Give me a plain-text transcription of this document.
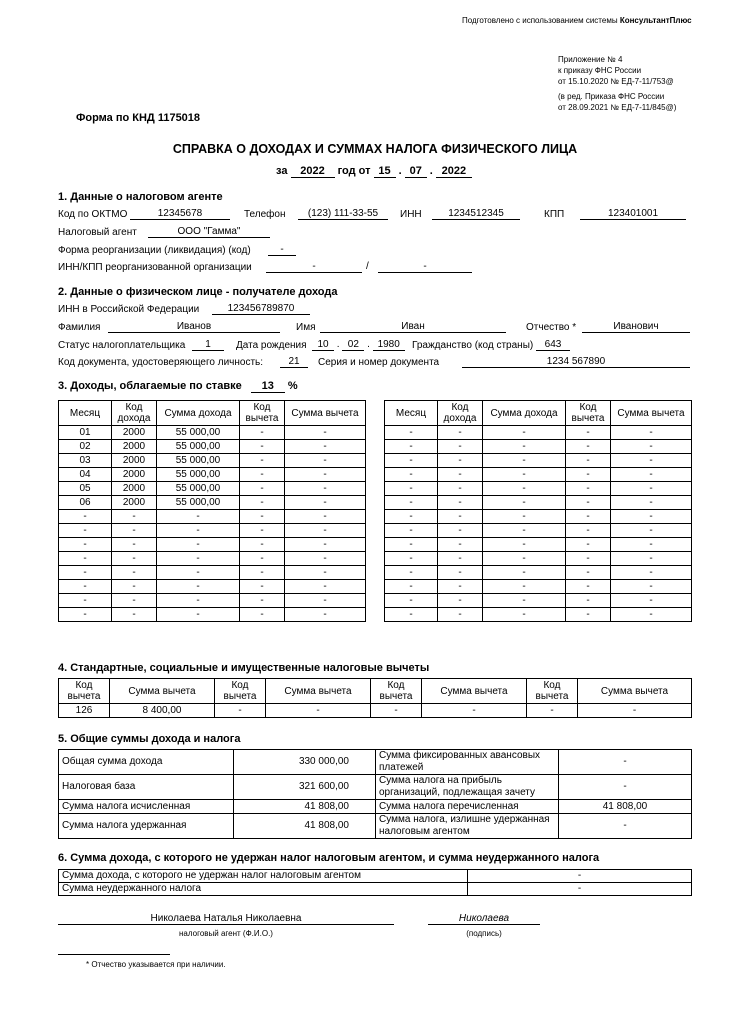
Подготовлено с использованием системы КонсультантПлюс
Приложение № 4
к приказу ФНС России
от 15.10.2020 № ЕД-7-11/753@
(в ред. Приказа ФНС России
от 28.09.2021 № ЕД-7-11/845@)
Форма по КНД 1175018
СПРАВКА О ДОХОДАХ И СУММАХ НАЛОГА ФИЗИЧЕСКОГО ЛИЦА
за 2022 год от 15 . 07 . 2022
1. Данные о налоговом агенте
Код по ОКТМО	12345678	Телефон	(123) 111-33-55	ИНН	1234512345	КПП	123401001
Налоговый агент	ООО "Гамма"
Форма реорганизации (ликвидация) (код)	-
ИНН/КПП реорганизованной организации	-	/	-
2. Данные о физическом лице - получателе дохода
ИНН в Российской Федерации	123456789870
Фамилия	Иванов	Имя	Иван	Отчество *	Иванович
Статус налогоплательщика	1	Дата рождения	10 . 02 . 1980	Гражданство (код страны)	643
Код документа, удостоверяющего личность:	21	Серия и номер документа	1234 567890
3. Доходы, облагаемые по ставке 13 %
Месяц	Код дохода	Сумма дохода	Код вычета	Сумма вычета
01	2000	55 000,00	-	-
02	2000	55 000,00	-	-
03	2000	55 000,00	-	-
04	2000	55 000,00	-	-
05	2000	55 000,00	-	-
06	2000	55 000,00	-	-
-	-	-	-	-
-	-	-	-	-
-	-	-	-	-
-	-	-	-	-
-	-	-	-	-
-	-	-	-	-
-	-	-	-	-
-	-	-	-	-
Месяц	Код дохода	Сумма дохода	Код вычета	Сумма вычета
-	-	-	-	-
-	-	-	-	-
-	-	-	-	-
-	-	-	-	-
-	-	-	-	-
-	-	-	-	-
-	-	-	-	-
-	-	-	-	-
-	-	-	-	-
-	-	-	-	-
-	-	-	-	-
-	-	-	-	-
-	-	-	-	-
-	-	-	-	-
4. Стандартные, социальные и имущественные налоговые вычеты
Код вычета	Сумма вычета	Код вычета	Сумма вычета	Код вычета	Сумма вычета	Код вычета	Сумма вычета
126	8 400,00	-	-	-	-	-	-
5. Общие суммы дохода и налога
Общая сумма дохода	330 000,00	Сумма фиксированных авансовых платежей	-
Налоговая база	321 600,00	Сумма налога на прибыль организаций, подлежащая зачету	-
Сумма налога исчисленная	41 808,00	Сумма налога перечисленная	41 808,00
Сумма налога удержанная	41 808,00	Сумма налога, излишне удержанная налоговым агентом	-
6. Сумма дохода, с которого не удержан налог налоговым агентом, и сумма неудержанного налога
Сумма дохода, с которого не удержан налог налоговым агентом	-
Сумма неудержанного налога	-
Николаева Наталья Николаевна
налоговый агент (Ф.И.О.)
Николаева
(подпись)
* Отчество указывается при наличии.
